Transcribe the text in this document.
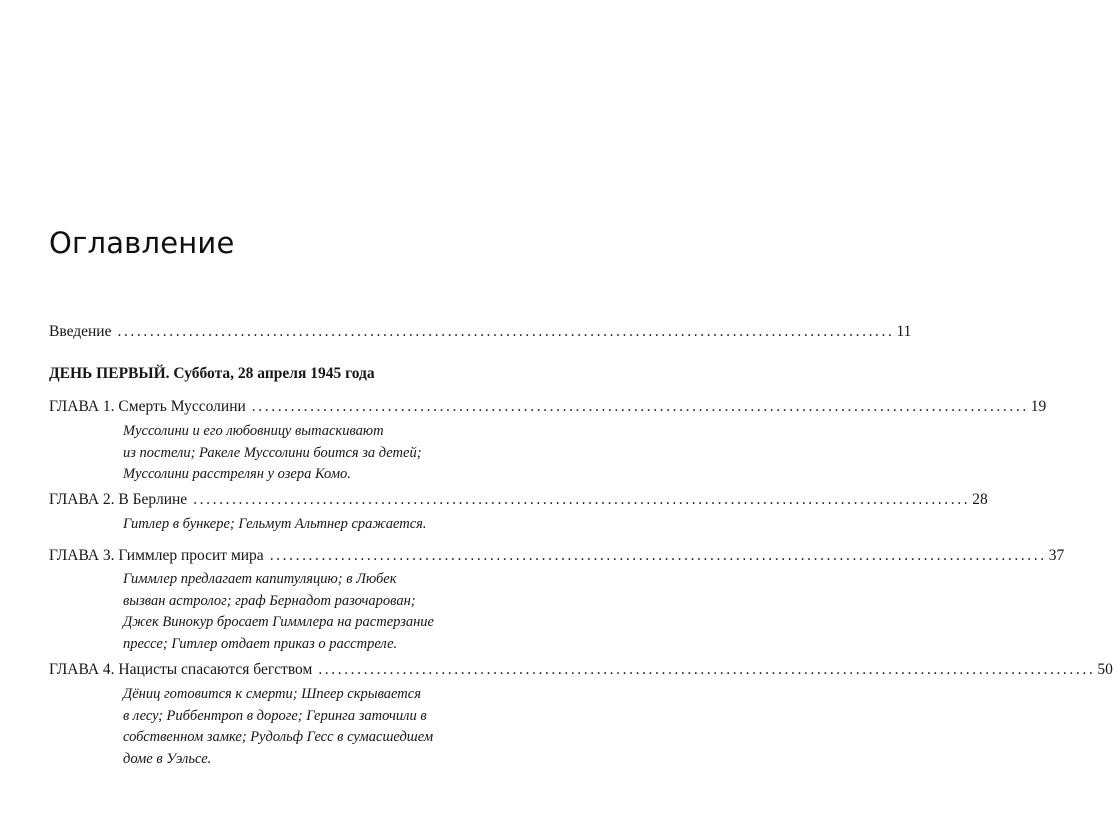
Оглавление
Введение ........................................................................................................................ 11
ДЕНЬ ПЕРВЫЙ. Суббота, 28 апреля 1945 года
ГЛАВА 1. Смерть Муссолини ........................................................................................................................ 19
Муссолини и его любовницу вытаскивают
из постели; Ракеле Муссолини боится за детей;
Муссолини расстрелян у озера Комо.
ГЛАВА 2. В Берлине ........................................................................................................................ 28
Гитлер в бункере; Гельмут Альтнер сражается.
ГЛАВА 3. Гиммлер просит мира ........................................................................................................................ 37
Гиммлер предлагает капитуляцию; в Любек
вызван астролог; граф Бернадот разочарован;
Джек Винокур бросает Гиммлера на растерзание
прессе; Гитлер отдает приказ о расстреле.
ГЛАВА 4. Нацисты спасаются бегством ........................................................................................................................ 50
Дёниц готовится к смерти; Шпеер скрывается
в лесу; Риббентроп в дороге; Геринга заточили в
собственном замке; Рудольф Гесс в сумасшедшем
доме в Уэльсе.
